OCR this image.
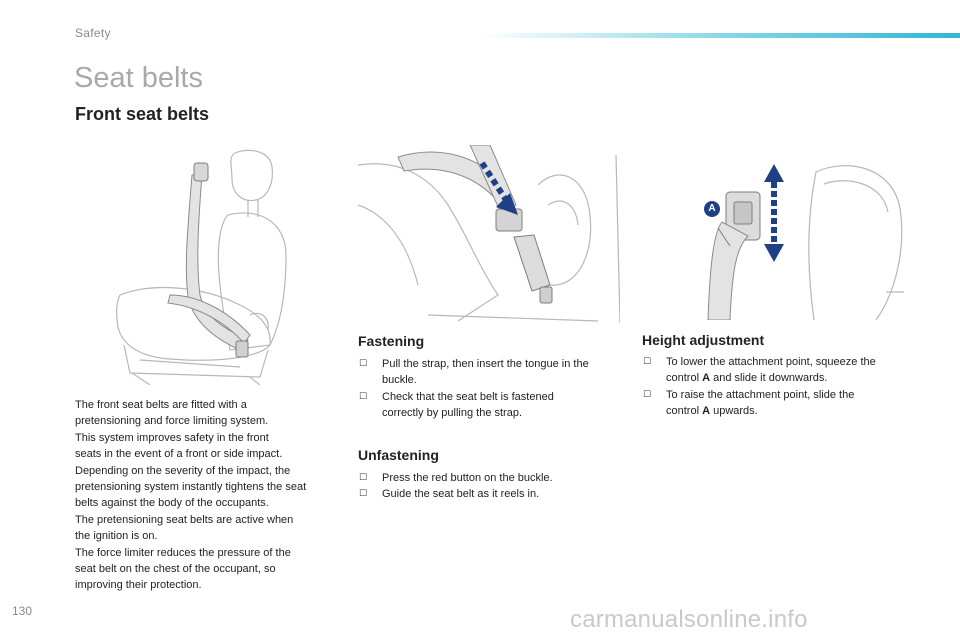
Safety
Seat belts
Front seat belts
A

The front seat belts are fitted with a

pretensioning and force limiting system.

This system improves safety in the front

seats in the event of a front or side impact.

Depending on the severity of the impact, the

pretensioning system instantly tightens the seat

belts against the body of the occupants.

The pretensioning seat belts are active when

the ignition is on.

The force limiter reduces the pressure of the

seat belt on the chest of the occupant, so

improving their protection.

Fastening
☐ Pull the strap, then insert the tongue in the
buckle.
☐ Check that the seat belt is fastened
correctly by pulling the strap.
Unfastening
☐ Press the red button on the buckle.
☐ Guide the seat belt as it reels in.
Height adjustment
☐ To lower the attachment point, squeeze the
control A and slide it downwards.
☐ To raise the attachment point, slide the
control A upwards.
130	carmanualsonline.info
